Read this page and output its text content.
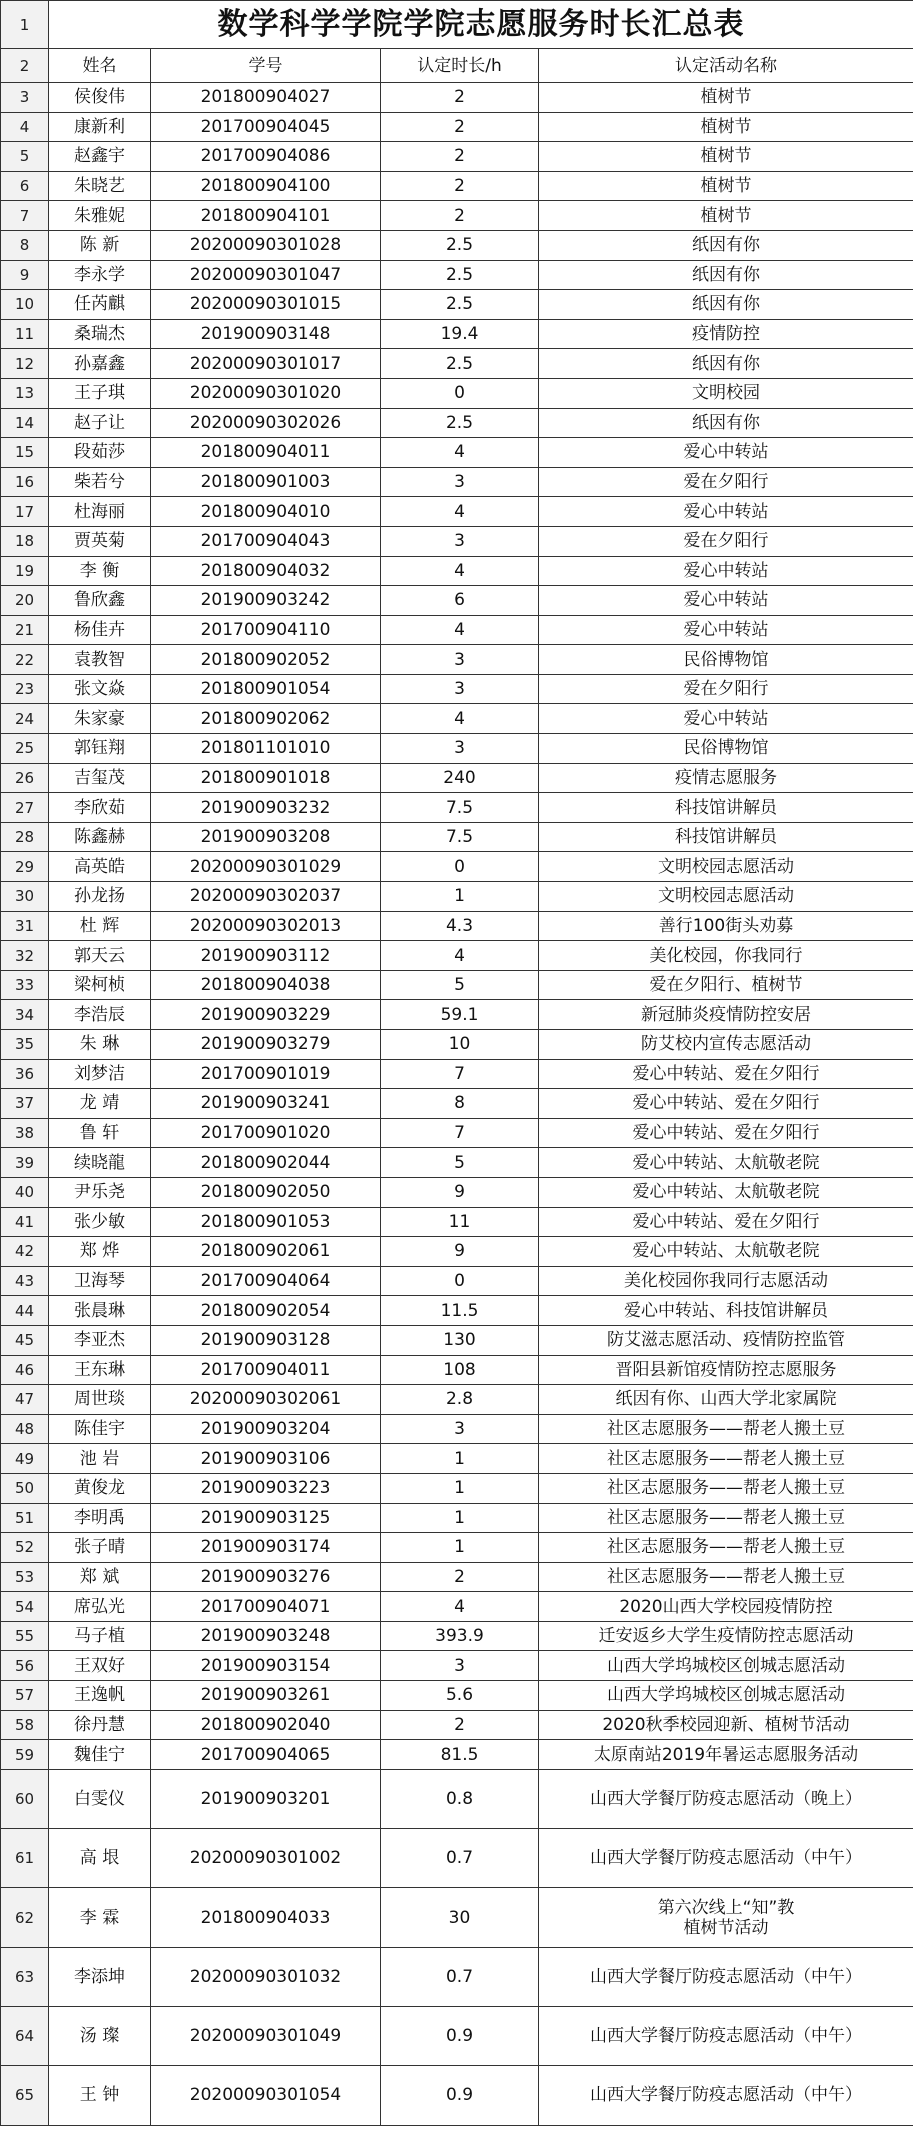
1	数学科学学院学院志愿服务时长汇总表			
2	姓名	学号	认定时长/h	认定活动名称
3	侯俊伟	201800904027	2	植树节
4	康新利	201700904045	2	植树节
5	赵鑫宇	201700904086	2	植树节
6	朱晓艺	201800904100	2	植树节
7	朱雅妮	201800904101	2	植树节
8	陈 新	20200090301028	2.5	纸因有你
9	李永学	20200090301047	2.5	纸因有你
10	任芮麒	20200090301015	2.5	纸因有你
11	桑瑞杰	201900903148	19.4	疫情防控
12	孙嘉鑫	20200090301017	2.5	纸因有你
13	王子琪	20200090301020	0	文明校园
14	赵子让	20200090302026	2.5	纸因有你
15	段茹莎	201800904011	4	爱心中转站
16	柴若兮	201800901003	3	爱在夕阳行
17	杜海丽	201800904010	4	爱心中转站
18	贾英菊	201700904043	3	爱在夕阳行
19	李 衡	201800904032	4	爱心中转站
20	鲁欣鑫	201900903242	6	爱心中转站
21	杨佳卉	201700904110	4	爱心中转站
22	袁教智	201800902052	3	民俗博物馆
23	张文焱	201800901054	3	爱在夕阳行
24	朱家豪	201800902062	4	爱心中转站
25	郭钰翔	201801101010	3	民俗博物馆
26	吉玺茂	201800901018	240	疫情志愿服务
27	李欣茹	201900903232	7.5	科技馆讲解员
28	陈鑫赫	201900903208	7.5	科技馆讲解员
29	高英皓	20200090301029	0	文明校园志愿活动
30	孙龙扬	20200090302037	1	文明校园志愿活动
31	杜 辉	20200090302013	4.3	善行100街头劝募
32	郭天云	201900903112	4	美化校园，你我同行
33	梁柯桢	201800904038	5	爱在夕阳行、植树节
34	李浩辰	201900903229	59.1	新冠肺炎疫情防控安居
35	朱 琳	201900903279	10	防艾校内宣传志愿活动
36	刘梦洁	201700901019	7	爱心中转站、爱在夕阳行
37	龙 靖	201900903241	8	爱心中转站、爱在夕阳行
38	鲁 轩	201700901020	7	爱心中转站、爱在夕阳行
39	续晓龍	201800902044	5	爱心中转站、太航敬老院
40	尹乐尧	201800902050	9	爱心中转站、太航敬老院
41	张少敏	201800901053	11	爱心中转站、爱在夕阳行
42	郑 烨	201800902061	9	爱心中转站、太航敬老院
43	卫海琴	201700904064	0	美化校园你我同行志愿活动
44	张晨琳	201800902054	11.5	爱心中转站、科技馆讲解员
45	李亚杰	201900903128	130	防艾滋志愿活动、疫情防控监管
46	王东琳	201700904011	108	晋阳县新馆疫情防控志愿服务
47	周世琰	20200090302061	2.8	纸因有你、山西大学北家属院
48	陈佳宇	201900903204	3	社区志愿服务——帮老人搬土豆
49	池 岩	201900903106	1	社区志愿服务——帮老人搬土豆
50	黄俊龙	201900903223	1	社区志愿服务——帮老人搬土豆
51	李明禹	201900903125	1	社区志愿服务——帮老人搬土豆
52	张子晴	201900903174	1	社区志愿服务——帮老人搬土豆
53	郑 斌	201900903276	2	社区志愿服务——帮老人搬土豆
54	席弘光	201700904071	4	2020山西大学校园疫情防控
55	马子植	201900903248	393.9	迁安返乡大学生疫情防控志愿活动
56	王双好	201900903154	3	山西大学坞城校区创城志愿活动
57	王逸帆	201900903261	5.6	山西大学坞城校区创城志愿活动
58	徐丹慧	201800902040	2	2020秋季校园迎新、植树节活动
59	魏佳宁	201700904065	81.5	太原南站2019年暑运志愿服务活动
60	白雯仪	201900903201	0.8	山西大学餐厅防疫志愿活动（晚上）
61	高 垠	20200090301002	0.7	山西大学餐厅防疫志愿活动（中午）
62	李 霖	201800904033	30	第六次线上“知”教
植树节活动
63	李添坤	20200090301032	0.7	山西大学餐厅防疫志愿活动（中午）
64	汤 璨	20200090301049	0.9	山西大学餐厅防疫志愿活动（中午）
65	王 钟	20200090301054	0.9	山西大学餐厅防疫志愿活动（中午）
